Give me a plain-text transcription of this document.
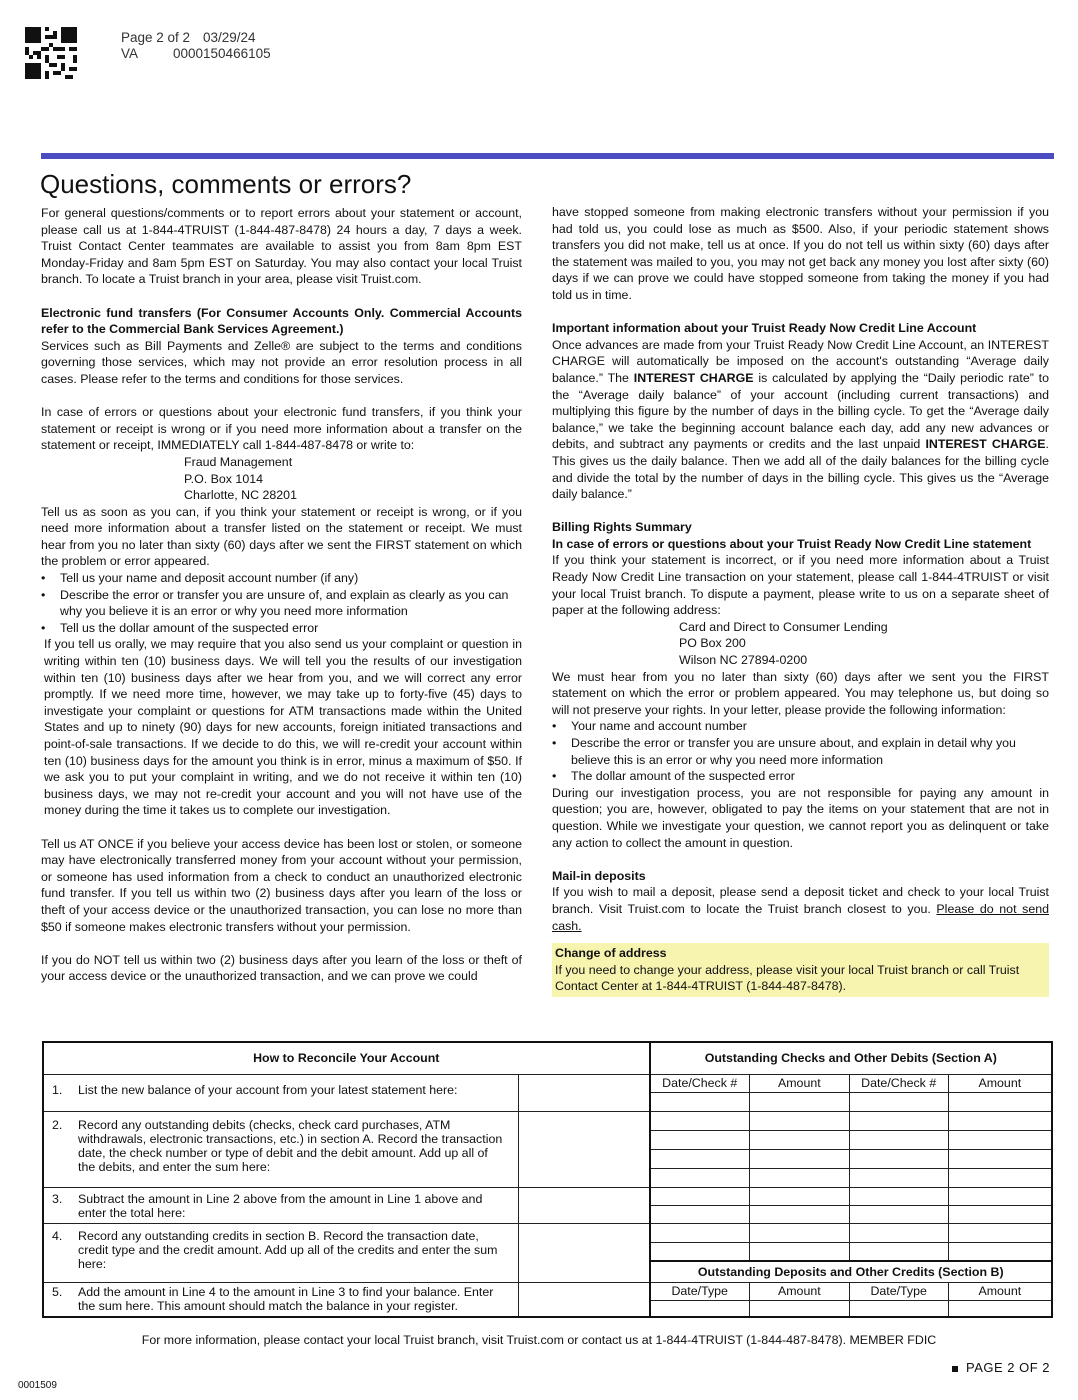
Page 2 of 2 03/29/24
VA	0000150466105
Questions, comments or errors?

For general questions/comments or to report errors about your statement or account, please call us at 1-844-4TRUIST (1-844-487-8478) 24 hours a day, 7 days a week. Truist Contact Center teammates are available to assist you from 8am 8pm EST Monday-Friday and 8am 5pm EST on Saturday. You may also contact your local Truist branch. To locate a Truist branch in your area, please visit Truist.com.

Electronic fund transfers (For Consumer Accounts Only. Commercial Accounts refer to the Commercial Bank Services Agreement.)

Services such as Bill Payments and Zelle® are subject to the terms and conditions governing those services, which may not provide an error resolution process in all cases. Please refer to the terms and conditions for those services.

In case of errors or questions about your electronic fund transfers, if you think your statement or receipt is wrong or if you need more information about a transfer on the statement or receipt, IMMEDIATELY call 1-844-487-8478 or write to:

Fraud Management

P.O. Box 1014

Charlotte, NC 28201

Tell us as soon as you can, if you think your statement or receipt is wrong, or if you need more information about a transfer listed on the statement or receipt. We must hear from you no later than sixty (60) days after we sent the FIRST statement on which the problem or error appeared.

• Tell us your name and deposit account number (if any)
• Describe the error or transfer you are unsure of, and explain as clearly as you can why you believe it is an error or why you need more information
• Tell us the dollar amount of the suspected error

If you tell us orally, we may require that you also send us your complaint or question in writing within ten (10) business days. We will tell you the results of our investigation within ten (10) business days after we hear from you, and we will correct any error promptly. If we need more time, however, we may take up to forty-five (45) days to investigate your complaint or questions for ATM transactions made within the United States and up to ninety (90) days for new accounts, foreign initiated transactions and point-of-sale transactions. If we decide to do this, we will re-credit your account within ten (10) business days for the amount you think is in error, minus a maximum of $50. If we ask you to put your complaint in writing, and we do not receive it within ten (10) business days, we may not re-credit your account and you will not have use of the money during the time it takes us to complete our investigation.

Tell us AT ONCE if you believe your access device has been lost or stolen, or someone may have electronically transferred money from your account without your permission, or someone has used information from a check to conduct an unauthorized electronic fund transfer. If you tell us within two (2) business days after you learn of the loss or theft of your access device or the unauthorized transaction, you can lose no more than $50 if someone makes electronic transfers without your permission.

If you do NOT tell us within two (2) business days after you learn of the loss or theft of your access device or the unauthorized transaction, and we can prove we could

have stopped someone from making electronic transfers without your permission if you had told us, you could lose as much as $500. Also, if your periodic statement shows transfers you did not make, tell us at once. If you do not tell us within sixty (60) days after the statement was mailed to you, you may not get back any money you lost after sixty (60) days if we can prove we could have stopped someone from taking the money if you had told us in time.

Important information about your Truist Ready Now Credit Line Account

Once advances are made from your Truist Ready Now Credit Line Account, an INTEREST CHARGE will automatically be imposed on the account's outstanding “Average daily balance.” The INTEREST CHARGE is calculated by applying the “Daily periodic rate” to the “Average daily balance” of your account (including current transactions) and multiplying this figure by the number of days in the billing cycle. To get the “Average daily balance,” we take the beginning account balance each day, add any new advances or debits, and subtract any payments or credits and the last unpaid INTEREST CHARGE. This gives us the daily balance. Then we add all of the daily balances for the billing cycle and divide the total by the number of days in the billing cycle. This gives us the “Average daily balance.”

Billing Rights Summary

In case of errors or questions about your Truist Ready Now Credit Line statement

If you think your statement is incorrect, or if you need more information about a Truist Ready Now Credit Line transaction on your statement, please call 1-844-4TRUIST or visit your local Truist branch. To dispute a payment, please write to us on a separate sheet of paper at the following address:

Card and Direct to Consumer Lending

PO Box 200

Wilson NC 27894-0200

We must hear from you no later than sixty (60) days after we sent you the FIRST statement on which the error or problem appeared. You may telephone us, but doing so will not preserve your rights. In your letter, please provide the following information:

• Your name and account number
• Describe the error or transfer you are unsure about, and explain in detail why you believe this is an error or why you need more information
• The dollar amount of the suspected error

During our investigation process, you are not responsible for paying any amount in question; you are, however, obligated to pay the items on your statement that are not in question. While we investigate your question, we cannot report you as delinquent or take any action to collect the amount in question.

Mail-in deposits

If you wish to mail a deposit, please send a deposit ticket and check to your local Truist branch. Visit Truist.com to locate the Truist branch closest to you. Please do not send cash.

Change of address

If you need to change your address, please visit your local Truist branch or call Truist Contact Center at 1-844-4TRUIST (1-844-487-8478).

How to Reconcile Your Account		Outstanding Checks and Other Debits (Section A)			
1. List the new balance of your account from your latest statement here:		Date/Check #	Amount	Date/Check #	Amount

2. Record any outstanding debits (checks, check card purchases, ATM withdrawals, electronic transactions, etc.) in section A. Record the transaction date, the check number or type of debit and the debit amount. Add up all of the debits, and enter the sum here:					

3. Subtract the amount in Line 2 above from the amount in Line 1 above and enter the total here:					

4. Record any outstanding credits in section B. Record the transaction date, credit type and the credit amount. Add up all of the credits and enter the sum here:					

		Outstanding Deposits and Other Credits (Section B)			

5. Add the amount in Line 4 to the amount in Line 3 to find your balance. Enter the sum here. This amount should match the balance in your register.		Date/Type	Amount	Date/Type	Amount

For more information, please contact your local Truist branch, visit Truist.com or contact us at 1-844-4TRUIST (1-844-487-8478). MEMBER FDIC
PAGE 2 OF 2
0001509
